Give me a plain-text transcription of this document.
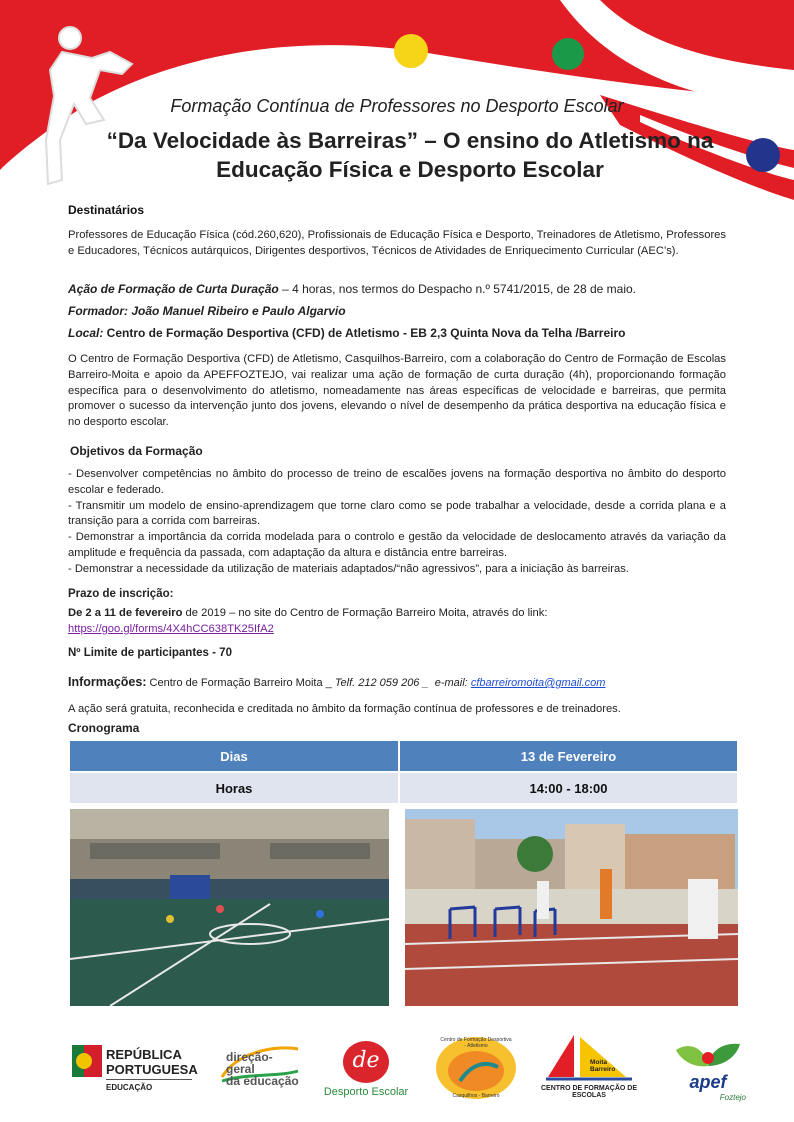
Formação Contínua de Professores no Desporto Escolar
“Da Velocidade às Barreiras” – O ensino do Atletismo na
Educação Física e Desporto Escolar
Destinatários
Professores de Educação Física (cód.260,620), Profissionais de Educação Física e Desporto, Treinadores de Atletismo, Professores e Educadores, Técnicos autárquicos, Dirigentes desportivos, Técnicos de Atividades de Enriquecimento Curricular (AEC’s).
Ação de Formação de Curta Duração – 4 horas, nos termos do Despacho n.º 5741/2015, de 28 de maio.
Formador: João Manuel Ribeiro e Paulo Algarvio
Local: Centro de Formação Desportiva (CFD) de Atletismo - EB 2,3 Quinta Nova da Telha /Barreiro
O Centro de Formação Desportiva (CFD) de Atletismo, Casquilhos-Barreiro, com a colaboração do Centro de Formação de Escolas Barreiro-Moita e apoio da APEFFOZTEJO, vai realizar uma ação de formação de curta duração (4h), proporcionando formação específica para o desenvolvimento do atletismo, nomeadamente nas áreas específicas de velocidade e barreiras, que permita promover o sucesso da intervenção junto dos jovens, elevando o nível de desempenho da prática desportiva na educação física e no desporto escolar.
Objetivos da Formação
- Desenvolver competências no âmbito do processo de treino de escalões jovens na formação desportiva no âmbito do desporto escolar e federado.
- Transmitir um modelo de ensino-aprendizagem que torne claro como se pode trabalhar a velocidade, desde a corrida plana e a transição para a corrida com barreiras.
- Demonstrar a importância da corrida modelada para o controlo e gestão da velocidade de deslocamento através da variação da amplitude e frequência da passada, com adaptação da altura e distância entre barreiras.
- Demonstrar a necessidade da utilização de materiais adaptados/“não agressivos”, para a iniciação às barreiras.
Prazo de inscrição:
De 2 a 11 de fevereiro de 2019 – no site do Centro de Formação Barreiro Moita, através do link:
https://goo.gl/forms/4X4hCC638TK25IfA2
Nº Limite de participantes - 70
Informações: Centro de Formação Barreiro Moita _ Telf. 212 059 206 _ e-mail: cfbarreiromoita@gmail.com
A ação será gratuita, reconhecida e creditada no âmbito da formação contínua de professores e de treinadores.
Cronograma
Dias	13 de Fevereiro
Horas	14:00 - 18:00
REPÚBLICA
PORTUGUESA
EDUCAÇÃO
direção-geral
da educação
de
Desporto Escolar
Centro de Formação Desportiva - Atletismo
Casquilhos - Barreiro
Moita
Barreiro
CENTRO DE FORMAÇÃO DE ESCOLAS
apef
Foztejo
